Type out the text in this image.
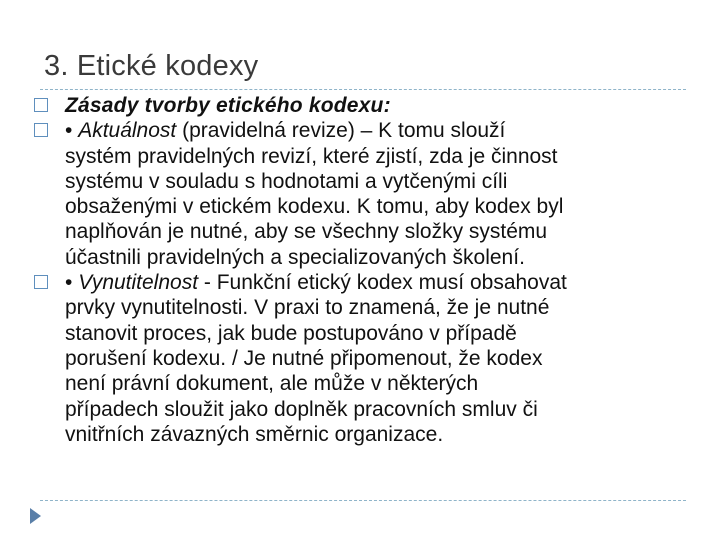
3. Etické kodexy
Zásady tvorby etického kodexu:
• Aktuálnost (pravidelná revize) – K tomu slouží
systém pravidelných revizí, které zjistí, zda je činnost
systému v souladu s hodnotami a vytčenými cíli
obsaženými v etickém kodexu. K tomu, aby kodex byl
naplňován je nutné, aby se všechny složky systému
účastnili pravidelných a specializovaných školení.
• Vynutitelnost - Funkční etický kodex musí obsahovat
prvky vynutitelnosti. V praxi to znamená, že je nutné
stanovit proces, jak bude postupováno v případě
porušení kodexu. / Je nutné připomenout, že kodex
není právní dokument, ale může v některých
případech sloužit jako doplněk pracovních smluv či
vnitřních závazných směrnic organizace.
